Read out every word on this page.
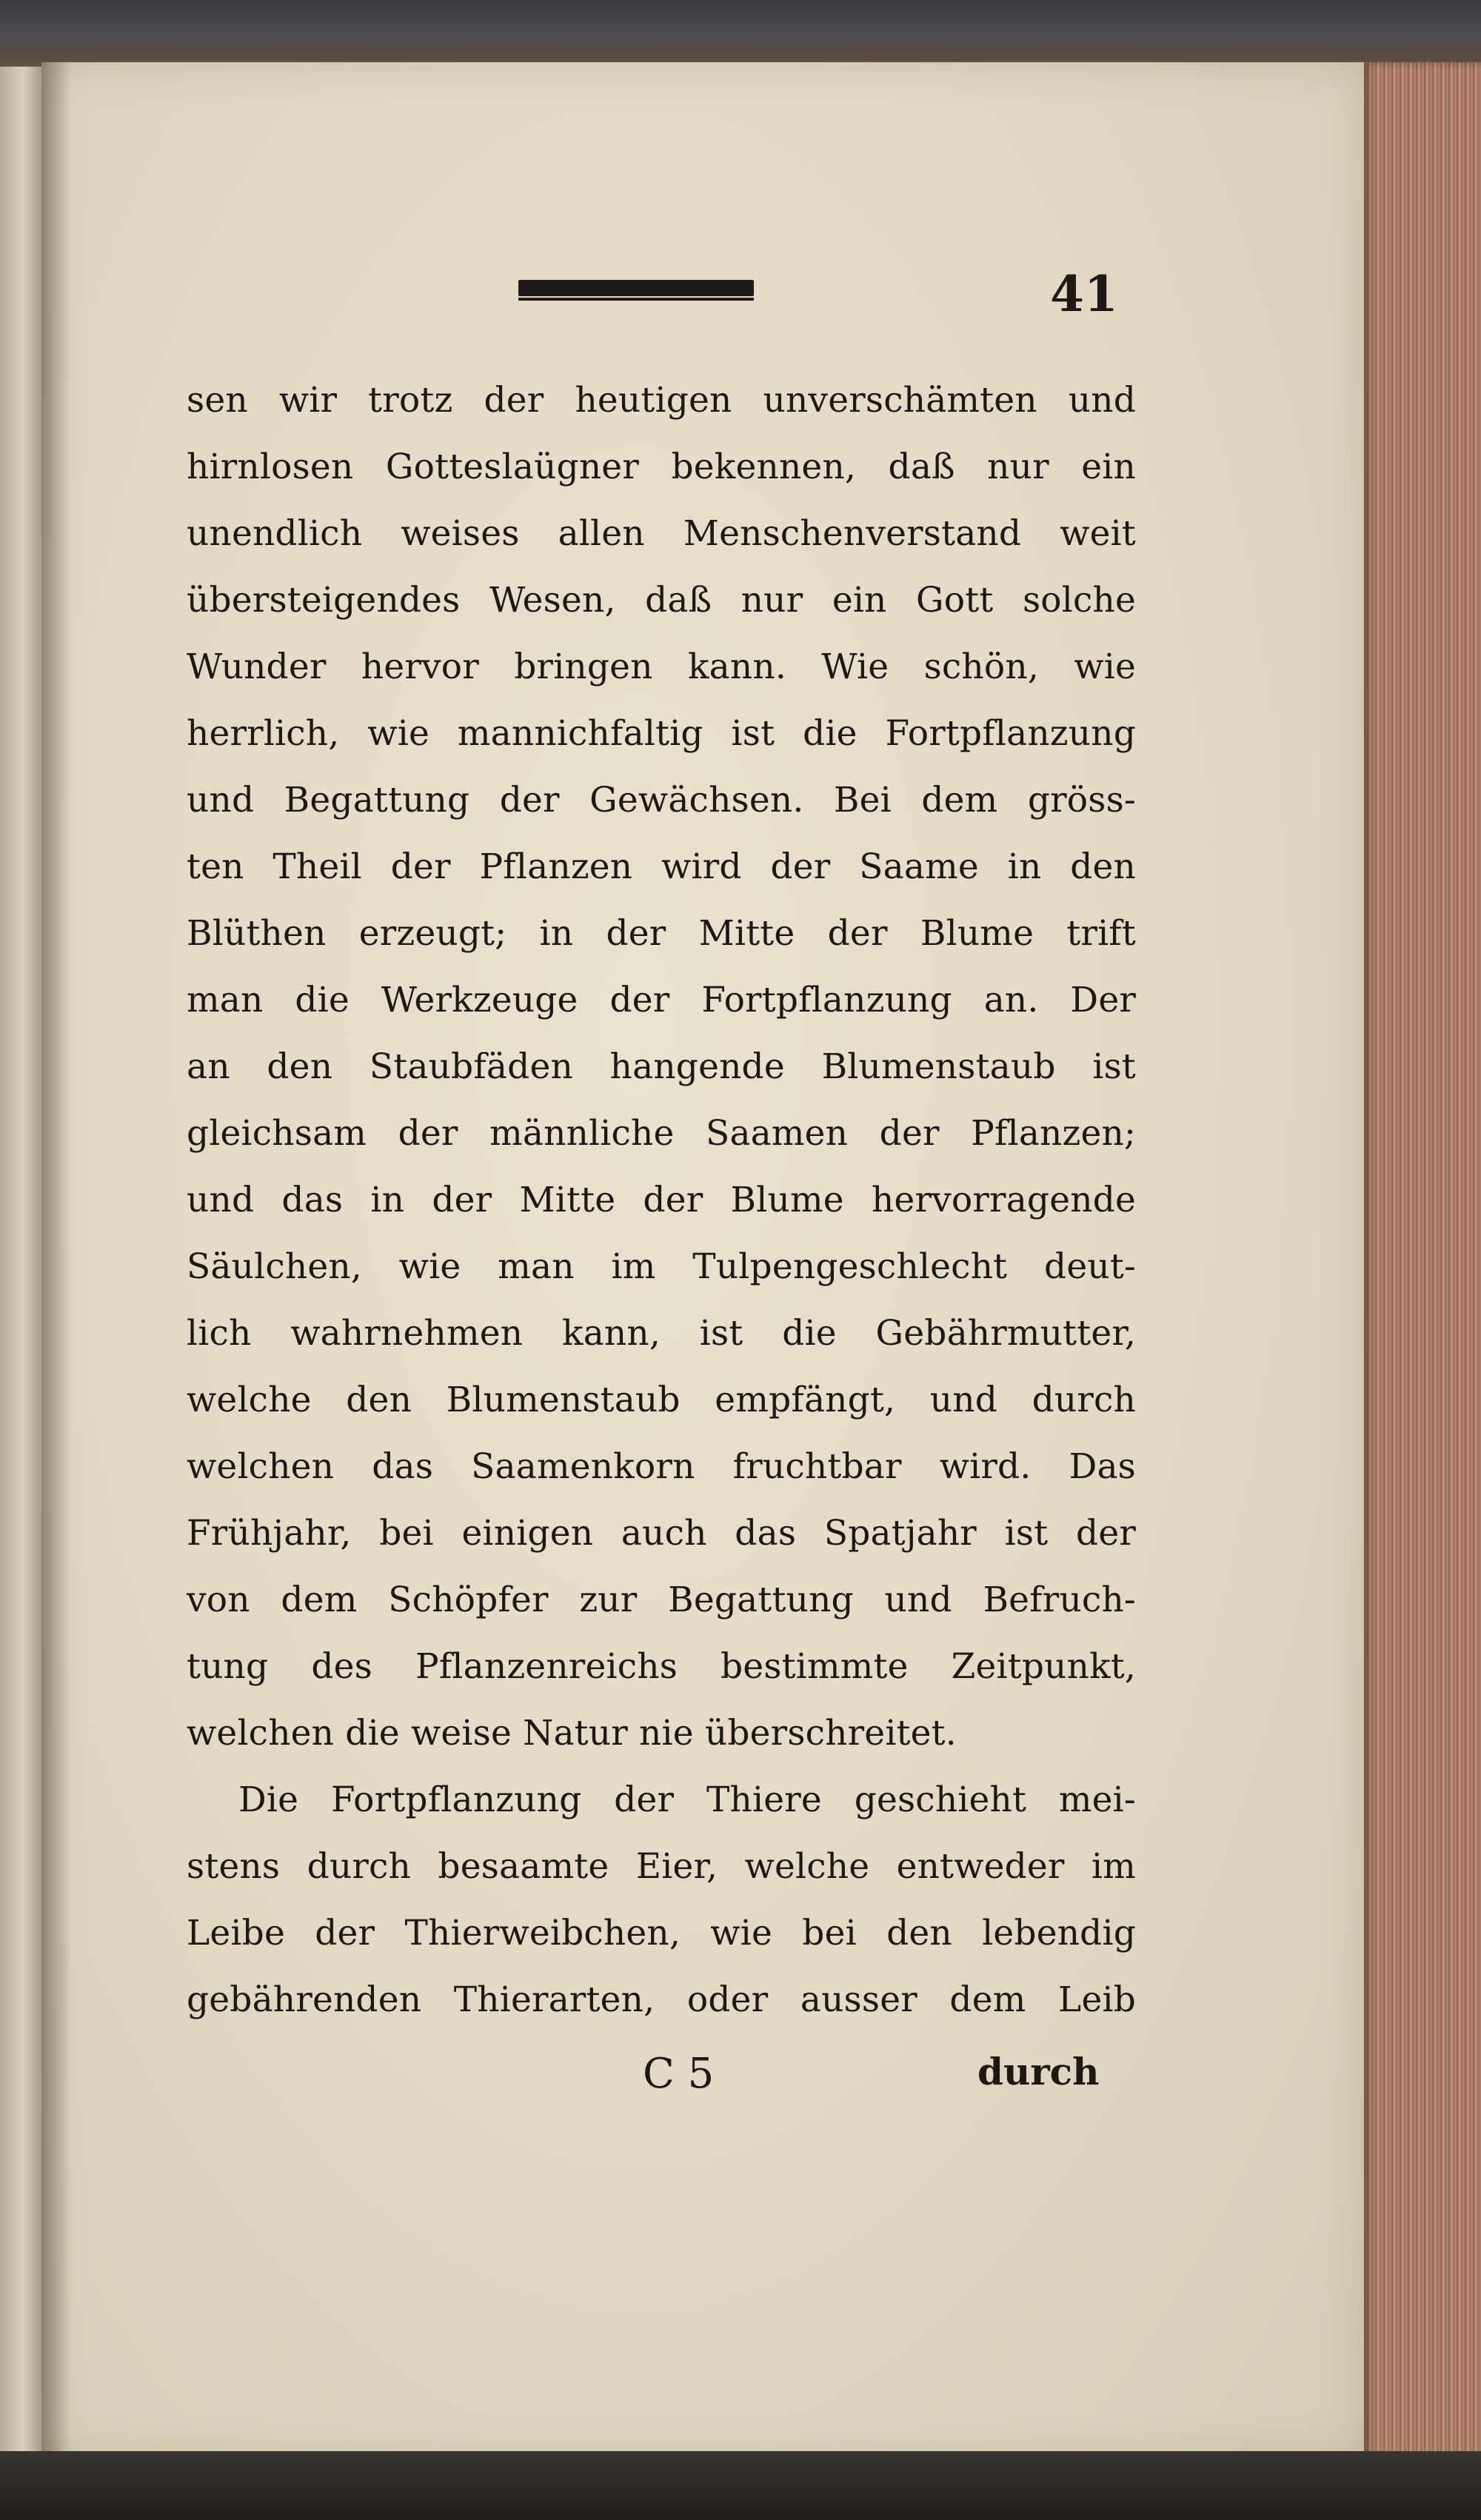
41
sen wir trotz der heutigen unverschämten und
hirnlosen Gotteslaügner bekennen, daß nur ein
unendlich weises allen Menschenverstand weit
übersteigendes Wesen, daß nur ein Gott solche
Wunder hervor bringen kann. Wie schön, wie
herrlich, wie mannichfaltig ist die Fortpflanzung
und Begattung der Gewächsen. Bei dem gröss-
ten Theil der Pflanzen wird der Saame in den
Blüthen erzeugt; in der Mitte der Blume trift
man die Werkzeuge der Fortpflanzung an. Der
an den Staubfäden hangende Blumenstaub ist
gleichsam der männliche Saamen der Pflanzen;
und das in der Mitte der Blume hervorragende
Säulchen, wie man im Tulpengeschlecht deut-
lich wahrnehmen kann, ist die Gebährmutter,
welche den Blumenstaub empfängt, und durch
welchen das Saamenkorn fruchtbar wird. Das
Frühjahr, bei einigen auch das Spatjahr ist der
von dem Schöpfer zur Begattung und Befruch-
tung des Pflanzenreichs bestimmte Zeitpunkt,
welchen die weise Natur nie überschreitet.
Die Fortpflanzung der Thiere geschieht mei-
stens durch besaamte Eier, welche entweder im
Leibe der Thierweibchen, wie bei den lebendig
gebährenden Thierarten, oder ausser dem Leib
C 5	durch
